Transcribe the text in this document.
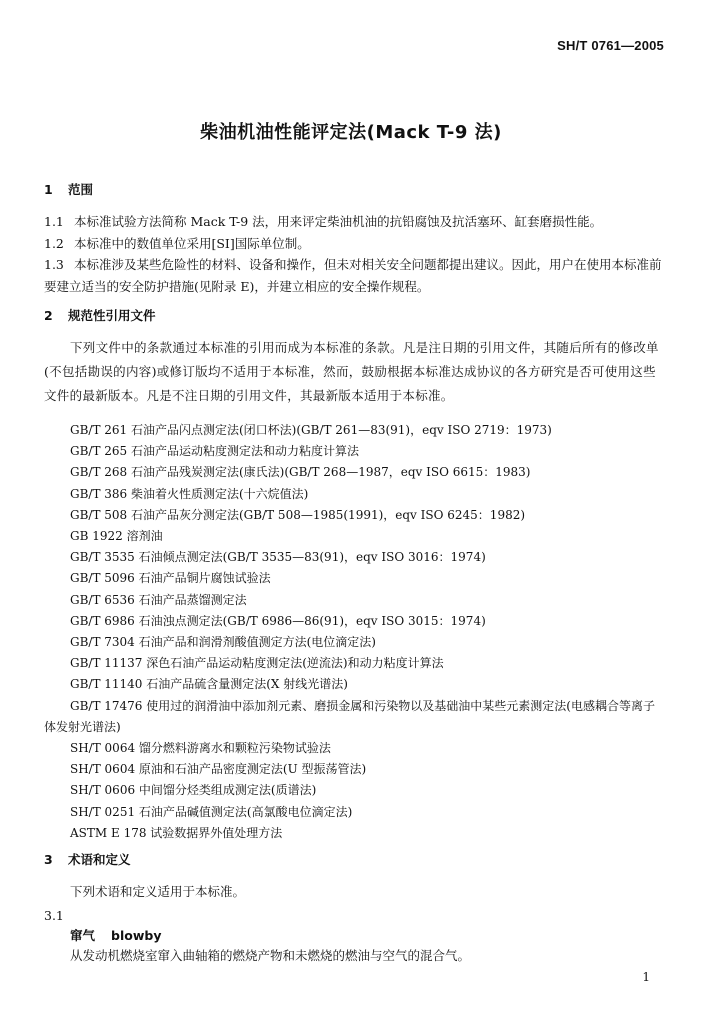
SH/T 0761—2005
柴油机油性能评定法(Mack T-9 法)
1 范围
1.1 本标准试验方法简称 Mack T-9 法，用来评定柴油机油的抗铅腐蚀及抗活塞环、缸套磨损性能。
1.2 本标准中的数值单位采用[SI]国际单位制。
1.3 本标准涉及某些危险性的材料、设备和操作，但未对相关安全问题都提出建议。因此，用户在使用本标准前要建立适当的安全防护措施(见附录 E)，并建立相应的安全操作规程。
2 规范性引用文件
下列文件中的条款通过本标准的引用而成为本标准的条款。凡是注日期的引用文件，其随后所有的修改单(不包括勘误的内容)或修订版均不适用于本标准，然而，鼓励根据本标准达成协议的各方研究是否可使用这些文件的最新版本。凡是不注日期的引用文件，其最新版本适用于本标准。
GB/T 261 石油产品闪点测定法(闭口杯法)(GB/T 261—83(91)，eqv ISO 2719：1973)
GB/T 265 石油产品运动粘度测定法和动力粘度计算法
GB/T 268 石油产品残炭测定法(康氏法)(GB/T 268—1987，eqv ISO 6615：1983)
GB/T 386 柴油着火性质测定法(十六烷值法)
GB/T 508 石油产品灰分测定法(GB/T 508—1985(1991)，eqv ISO 6245：1982)
GB 1922 溶剂油
GB/T 3535 石油倾点测定法(GB/T 3535—83(91)，eqv ISO 3016：1974)
GB/T 5096 石油产品铜片腐蚀试验法
GB/T 6536 石油产品蒸馏测定法
GB/T 6986 石油浊点测定法(GB/T 6986—86(91)，eqv ISO 3015：1974)
GB/T 7304 石油产品和润滑剂酸值测定方法(电位滴定法)
GB/T 11137 深色石油产品运动粘度测定法(逆流法)和动力粘度计算法
GB/T 11140 石油产品硫含量测定法(X 射线光谱法)
GB/T 17476 使用过的润滑油中添加剂元素、磨损金属和污染物以及基础油中某些元素测定法(电感耦合等离子体发射光谱法)
SH/T 0064 馏分燃料游离水和颗粒污染物试验法
SH/T 0604 原油和石油产品密度测定法(U 型振荡管法)
SH/T 0606 中间馏分烃类组成测定法(质谱法)
SH/T 0251 石油产品碱值测定法(高氯酸电位滴定法)
ASTM E 178 试验数据界外值处理方法
3 术语和定义
下列术语和定义适用于本标准。
3.1
窜气 blowby
从发动机燃烧室窜入曲轴箱的燃烧产物和未燃烧的燃油与空气的混合气。
1
